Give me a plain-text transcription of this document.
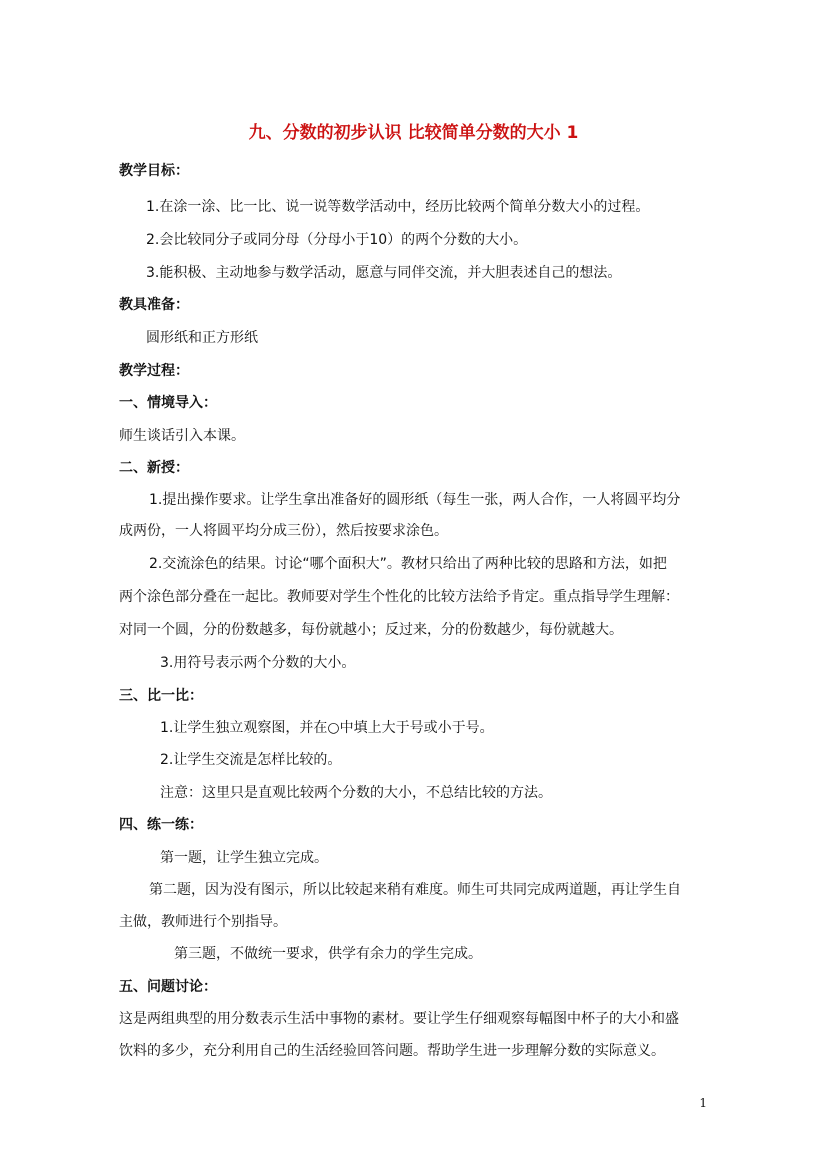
九、分数的初步认识 比较简单分数的大小 1
教学目标：
1.在涂一涂、比一比、说一说等数学活动中，经历比较两个简单分数大小的过程。
2.会比较同分子或同分母（分母小于10）的两个分数的大小。
3.能积极、主动地参与数学活动，愿意与同伴交流，并大胆表述自己的想法。
教具准备：
圆形纸和正方形纸
教学过程：
一、情境导入：
师生谈话引入本课。
二、新授：
1.提出操作要求。让学生拿出准备好的圆形纸（每生一张，两人合作，一人将圆平均分
成两份，一人将圆平均分成三份），然后按要求涂色。
2.交流涂色的结果。讨论“哪个面积大”。教材只给出了两种比较的思路和方法，如把
两个涂色部分叠在一起比。教师要对学生个性化的比较方法给予肯定。重点指导学生理解：
对同一个圆，分的份数越多，每份就越小；反过来，分的份数越少，每份就越大。
3.用符号表示两个分数的大小。
三、比一比：
1.让学生独立观察图，并在○中填上大于号或小于号。
2.让学生交流是怎样比较的。
注意：这里只是直观比较两个分数的大小，不总结比较的方法。
四、练一练：
第一题，让学生独立完成。
第二题，因为没有图示，所以比较起来稍有难度。师生可共同完成两道题，再让学生自
主做，教师进行个别指导。
第三题，不做统一要求，供学有余力的学生完成。
五、问题讨论：
这是两组典型的用分数表示生活中事物的素材。要让学生仔细观察每幅图中杯子的大小和盛
饮料的多少，充分利用自己的生活经验回答问题。帮助学生进一步理解分数的实际意义。
1
